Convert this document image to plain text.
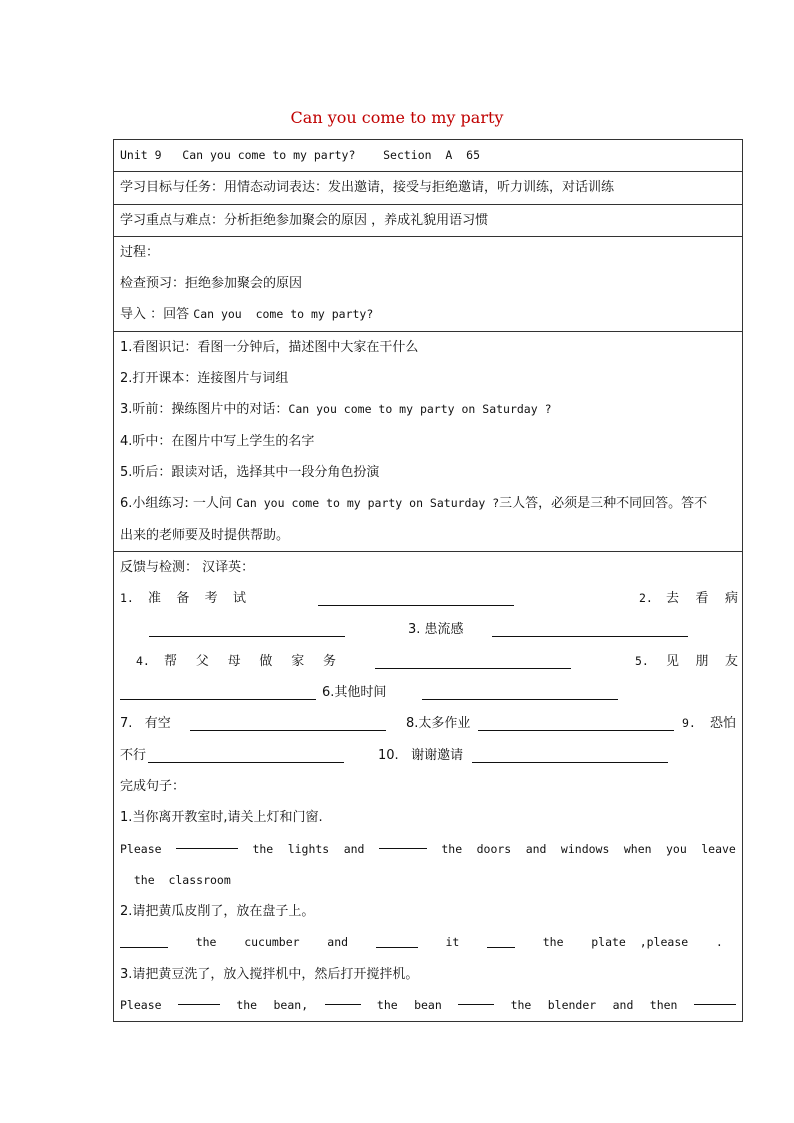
Can you come to my party
Unit 9   Can you come to my party?    Section  A  65

学习目标与任务：用情态动词表达：发出邀请，接受与拒绝邀请，听力训练，对话训练

学习重点与难点：分析拒绝参加聚会的原因 ，养成礼貌用语习惯

过程：
检查预习：拒绝参加聚会的原因
导入 ：回答 Can you  come to my party?

1.看图识记：看图一分钟后，描述图中大家在干什么
2.打开课本：连接图片与词组
3.听前：操练图片中的对话：Can you come to my party on Saturday ?
4.听中：在图片中写上学生的名字
5.听后：跟读对话，选择其中一段分角色扮演
6.小组练习: 一人问 Can you come to my party on Saturday ?三人答，必须是三种不同回答。答不
出来的老师要及时提供帮助。

反馈与检测： 汉译英：
1. 准 备 考 试	2. 去 看 病
3. 患流感
4. 帮 父 母 做 家 务	5. 见 朋 友
6.其他时间
7.   有空	8.太多作业	9. 恐怕
不行	10.   谢谢邀请
完成句子：
1.当你离开教室时,请关上灯和门窗.
Please	the lights and	the doors and windows when you leave
the  classroom
2.请把黄瓜皮削了，放在盘子上。
the cucumber and	it	the plate ,please .
3.请把黄豆洗了，放入搅拌机中，然后打开搅拌机。
Please	the bean,	the bean	the blender and then
